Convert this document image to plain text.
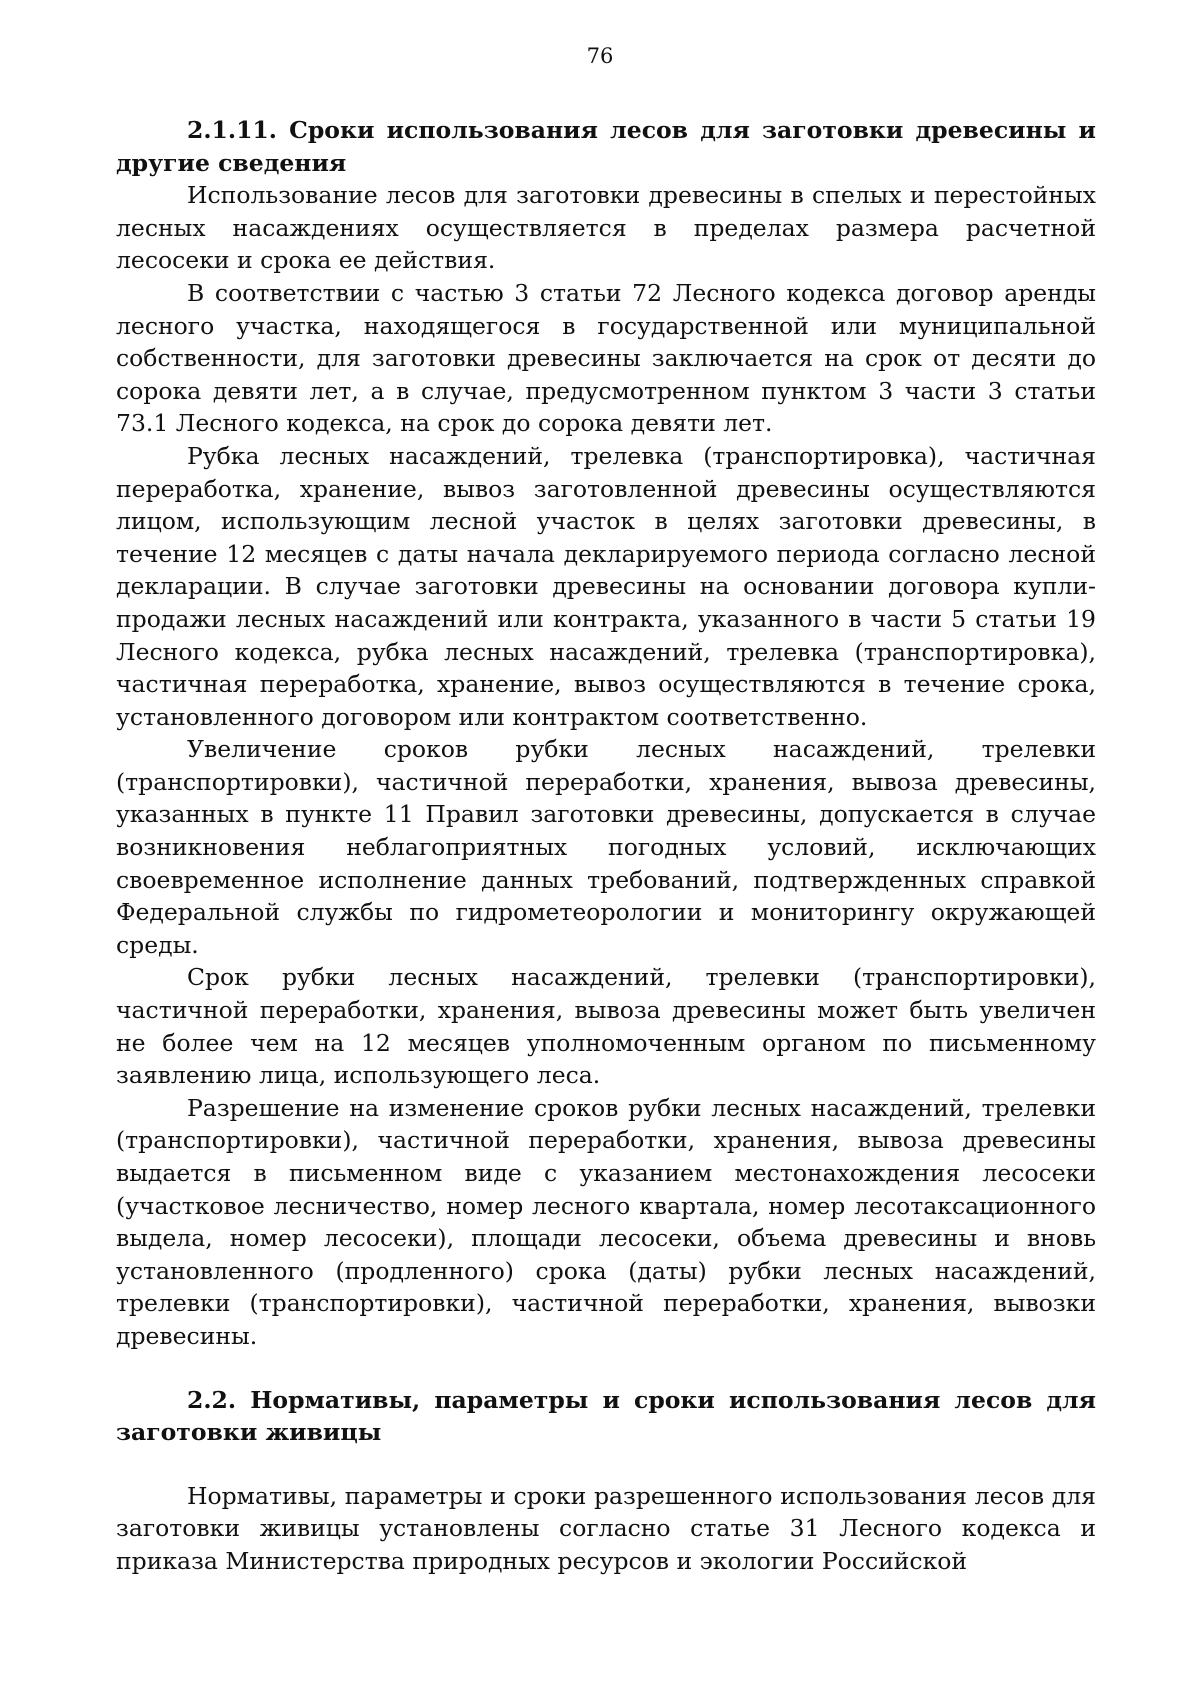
76

2.1.11. Сроки использования лесов для заготовки древесины и другие сведения

Использование лесов для заготовки древесины в спелых и перестойных лесных насаждениях осуществляется в пределах размера расчетной лесосеки и срока ее действия.

В соответствии с частью 3 статьи 72 Лесного кодекса договор аренды лесного участка, находящегося в государственной или муниципальной собственности, для заготовки древесины заключается на срок от десяти до сорока девяти лет, а в случае, предусмотренном пунктом 3 части 3 статьи 73.1 Лесного кодекса, на срок до сорока девяти лет.

Рубка лесных насаждений, трелевка (транспортировка), частичная переработка, хранение, вывоз заготовленной древесины осуществляются лицом, использующим лесной участок в целях заготовки древесины, в течение 12 месяцев с даты начала декларируемого периода согласно лесной декларации. В случае заготовки древесины на основании договора купли-продажи лесных насаждений или контракта, указанного в части 5 статьи 19 Лесного кодекса, рубка лесных насаждений, трелевка (транспортировка), частичная переработка, хранение, вывоз осуществляются в течение срока, установленного договором или контрактом соответственно.

Увеличение сроков рубки лесных насаждений, трелевки (транспортировки), частичной переработки, хранения, вывоза древесины, указанных в пункте 11 Правил заготовки древесины, допускается в случае возникновения неблагоприятных погодных условий, исключающих своевременное исполнение данных требований, подтвержденных справкой Федеральной службы по гидрометеорологии и мониторингу окружающей среды.

Срок рубки лесных насаждений, трелевки (транспортировки), частичной переработки, хранения, вывоза древесины может быть увеличен не более чем на 12 месяцев уполномоченным органом по письменному заявлению лица, использующего леса.

Разрешение на изменение сроков рубки лесных насаждений, трелевки (транспортировки), частичной переработки, хранения, вывоза древесины выдается в письменном виде с указанием местонахождения лесосеки (участковое лесничество, номер лесного квартала, номер лесотаксационного выдела, номер лесосеки), площади лесосеки, объема древесины и вновь установленного (продленного) срока (даты) рубки лесных насаждений, трелевки (транспортировки), частичной переработки, хранения, вывозки древесины.

2.2. Нормативы, параметры и сроки использования лесов для заготовки живицы

Нормативы, параметры и сроки разрешенного использования лесов для заготовки живицы установлены согласно статье 31 Лесного кодекса и приказа Министерства природных ресурсов и экологии Российской
